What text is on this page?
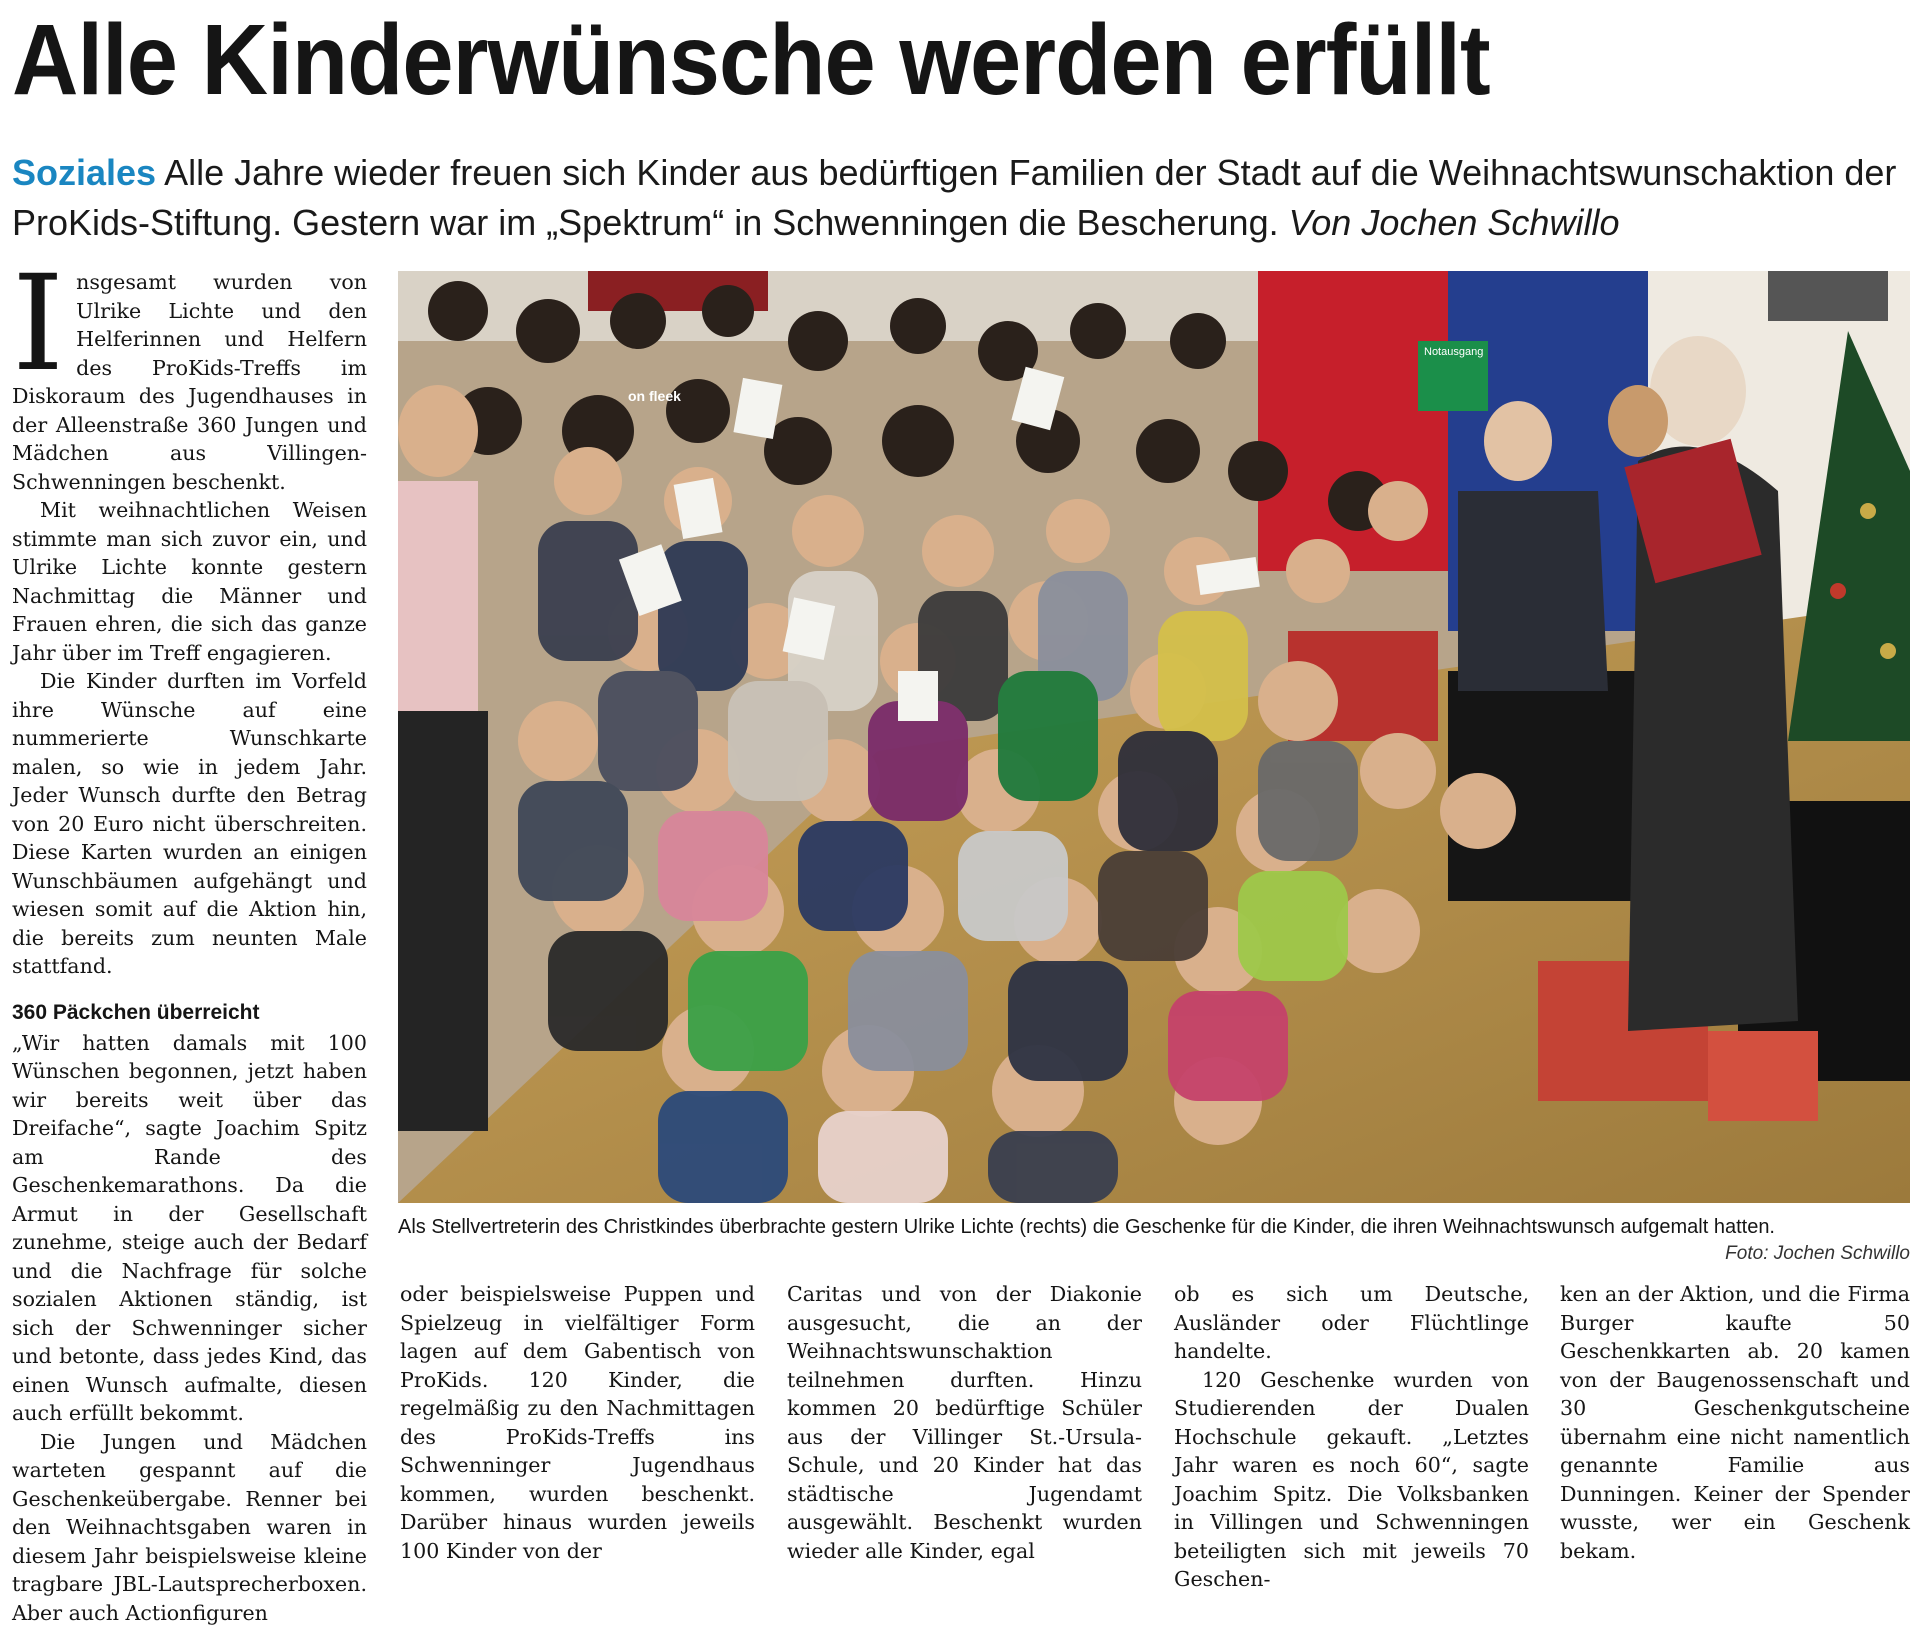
Alle Kinderwünsche werden erfüllt
Soziales Alle Jahre wieder freuen sich Kinder aus bedürftigen Familien der Stadt auf die Weihnachtswunschaktion der ProKids-Stiftung. Gestern war im „Spektrum“ in Schwenningen die Bescherung. Von Jochen Schwillo

Insgesamt wurden von Ulrike Lichte und den Helferinnen und Helfern des ProKids-Treffs im Diskoraum des Jugendhauses in der Alleenstraße 360 Jungen und Mädchen aus Villingen-Schwenningen beschenkt.

Mit weihnachtlichen Weisen stimmte man sich zuvor ein, und Ulrike Lichte konnte gestern Nachmittag die Männer und Frauen ehren, die sich das ganze Jahr über im Treff engagieren.

Die Kinder durften im Vorfeld ihre Wünsche auf eine nummerierte Wunschkarte malen, so wie in jedem Jahr. Jeder Wunsch durfte den Betrag von 20 Euro nicht überschreiten. Diese Karten wurden an einigen Wunschbäumen aufgehängt und wiesen somit auf die Aktion hin, die bereits zum neunten Male stattfand.

360 Päckchen überreicht

„Wir hatten damals mit 100 Wünschen begonnen, jetzt haben wir bereits weit über das Dreifache“, sagte Joachim Spitz am Rande des Geschenkemarathons. Da die Armut in der Gesellschaft zunehme, steige auch der Bedarf und die Nachfrage für solche sozialen Aktionen ständig, ist sich der Schwenninger sicher und betonte, dass jedes Kind, das einen Wunsch aufmalte, diesen auch erfüllt bekommt.

Die Jungen und Mädchen warteten gespannt auf die Geschenkeübergabe. Renner bei den Weihnachtsgaben waren in diesem Jahr beispielsweise kleine tragbare JBL-Lautsprecherboxen. Aber auch Actionfiguren

Notausgang
on fleek
Als Stellvertreterin des Christkindes überbrachte gestern Ulrike Lichte (rechts) die Geschenke für die Kinder, die ihren Weihnachtswunsch aufgemalt hatten.
Foto: Jochen Schwillo

oder beispielsweise Puppen und Spielzeug in vielfältiger Form lagen auf dem Gabentisch von ProKids. 120 Kinder, die regelmäßig zu den Nachmittagen des ProKids-Treffs ins Schwenninger Jugendhaus kommen, wurden beschenkt. Darüber hinaus wurden jeweils 100 Kinder von der

Caritas und von der Diakonie ausgesucht, die an der Weihnachtswunschaktion teilnehmen durften. Hinzu kommen 20 bedürftige Schüler aus der Villinger St.-Ursula-Schule, und 20 Kinder hat das städtische Jugendamt ausgewählt. Beschenkt wurden wieder alle Kinder, egal

ob es sich um Deutsche, Ausländer oder Flüchtlinge handelte.

120 Geschenke wurden von Studierenden der Dualen Hochschule gekauft. „Letztes Jahr waren es noch 60“, sagte Joachim Spitz. Die Volksbanken in Villingen und Schwenningen beteiligten sich mit jeweils 70 Geschen-

ken an der Aktion, und die Firma Burger kaufte 50 Geschenkkarten ab. 20 kamen von der Baugenossenschaft und 30 Geschenkgutscheine übernahm eine nicht namentlich genannte Familie aus Dunningen. Keiner der Spender wusste, wer ein Geschenk bekam.
